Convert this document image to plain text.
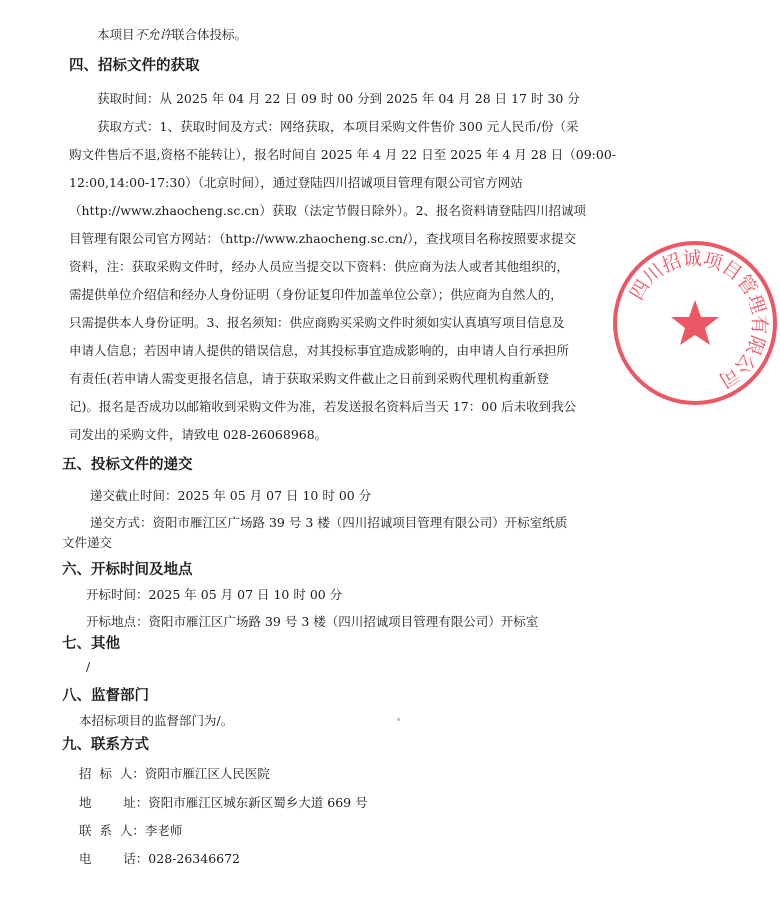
本项目不允许联合体投标。
四、招标文件的获取
获取时间：从 2025 年 04 月 22 日 09 时 00 分到 2025 年 04 月 28 日 17 时 30 分
获取方式：1、获取时间及方式：网络获取，本项目采购文件售价 300 元人民币/份（采
购文件售后不退,资格不能转让），报名时间自 2025 年 4 月 22 日至 2025 年 4 月 28 日（09:00-
12:00,14:00-17:30）（北京时间），通过登陆四川招诚项目管理有限公司官方网站
（http://www.zhaocheng.sc.cn）获取（法定节假日除外）。2、报名资料请登陆四川招诚项
目管理有限公司官方网站：（http://www.zhaocheng.sc.cn/），查找项目名称按照要求提交
资料，注：获取采购文件时，经办人员应当提交以下资料：供应商为法人或者其他组织的，
需提供单位介绍信和经办人身份证明（身份证复印件加盖单位公章）；供应商为自然人的，
只需提供本人身份证明。3、报名须知：供应商购买采购文件时须如实认真填写项目信息及
申请人信息；若因申请人提供的错误信息，对其投标事宜造成影响的，由申请人自行承担所
有责任(若申请人需变更报名信息，请于获取采购文件截止之日前到采购代理机构重新登
记)。报名是否成功以邮箱收到采购文件为准，若发送报名资料后当天 17：00 后未收到我公
司发出的采购文件，请致电 028-26068968。
五、投标文件的递交
递交截止时间：2025 年 05 月 07 日 10 时 00 分
递交方式：资阳市雁江区广场路 39 号 3 楼（四川招诚项目管理有限公司）开标室纸质
文件递交
六、开标时间及地点
开标时间：2025 年 05 月 07 日 10 时 00 分
开标地点：资阳市雁江区广场路 39 号 3 楼（四川招诚项目管理有限公司）开标室
七、其他
/
八、监督部门
本招标项目的监督部门为/。
九、联系方式
招  标  人：资阳市雁江区人民医院
地        址：资阳市雁江区城东新区蜀乡大道 669 号
联  系  人：李老师
电        话：028-26346672
四川招诚项目管理有限公司
